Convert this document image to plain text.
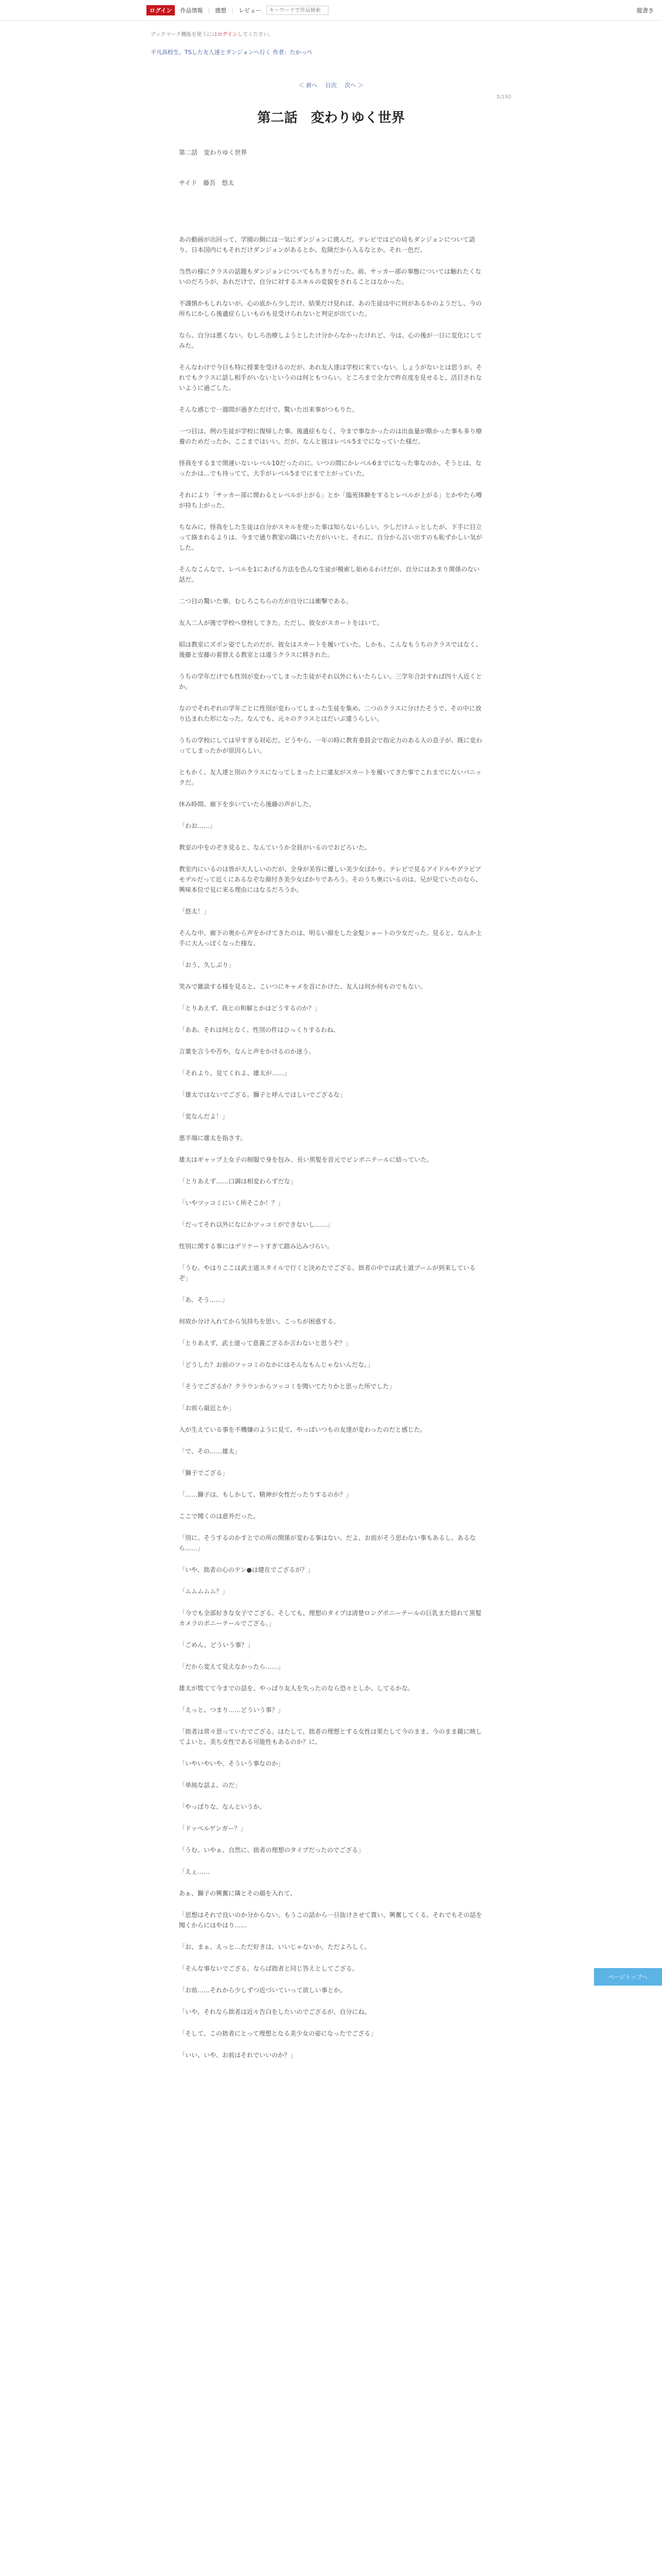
ログイン	作品情報 | 感想 | レビュー
キーワードで作品検索	縦書き
ブックマーク機能を使うにはログインしてください。
平凡高校生、TSした友人達とダンジョンへ行く 作者：たかっぺ
＜ 前へ 目次 次へ ＞
5/192
第二話　変わりゆく世界

第二話　変わりゆく世界

サイド　藤吾　悠太

あの動画が出回って、学園の側には一気にダンジョンに挑んだ。テレビではどの局もダンジョンについて語り、日本国内にもそれだけダンジョンがあるとか、危険だから入るなとか、それ一色だ。

当然の様にクラスの話題もダンジョンについてもちきりだった。前、サッカー部の事態については触れたくないのだろうが、あれだけで、自分に対するスキルの変貌をされることはなかった。

不謹慎かもしれないが、心の底から少しだけ、結果だけ見れば、あの生徒は中に何があるかのようだし、今の所ちにかしら後遺症らしいものも見受けられないと判定が出ていた。

なら、自分は悪くない。むしろ治療しようとしたけ分からなかったけれど、今は、心の後が一日に変化にしてみた。

そんなわけで今日も特に授業を受けるのだが、あれ友人達は学校に来ていない。しょうがないとは思うが、それでもクラスに話し相手がいないというのは何ともつらい。ところまで全力で昨在度を見せると、活目されないように過ごした。

そんな感じで一週間が過ぎただけで、驚いた出来事がつもりた。

一つ目は、例の生徒が学校に復帰した事。後遺症もなく、今まで事なかったのは出血量が酷かった事も多り療養のためだったか。ここまではいい。だが、なんと彼はレベル5までになっていた様だ。

怪我をするまで関連いないレベル10だったのに。いつの間にかレベル6までになった事なのか。そうとは、なったかは…でも待ってて、大手がレベル5までにまで上がっていた。

それにより「サッカー部に関わるとレベルが上がる」とか「臨死体験をするとレベルが上がる」とかやたら噂が持ち上がった。

ちなみに、怪我をした生徒は自分がスキルを使った事は知らないらしい。少しだけムッとしたが、下手に目立って絡まれるよりは、今まで通り教室の隅にいた方がいいと、それに、自分から言い出すのも恥ずかしい気がした。

そんなこんなで、レベルを1にあげる方法を色んな生徒が模索し始めるわけだが、自分にはあまり関係のない話だ。

二つ目の驚いた事。むしろこちらの方が自分には衝撃である。

友人二人が後で学校へ登校してきた。ただし、彼女がスカートをはいて。

昭は教室にズボン姿でしたのだが、彼女はスカートを履いていた。しかも、こんなもうちのクラスではなく、後藤と安藤の着替える教室とは違うクラスに移された。

うちの学年だけでも性別が変わってしまった生徒がそれ以外にもいたらしい。三学年合計すれば四十人近くとか。

なのでそれぞれの学年ごとに性別が変わってしまった生徒を集め、二つのクラスに分けたそうで、その中に放り込まれた形になった。なんでも、元々のクラスとはだいぶ違うらしい。

うちの学校にしては早すぎる対応だ。どうやら、一年の時に教育委員会で指定力のある人の息子が、既に変わってしまったかが原因らしい。

ともかく、友人達と別のクラスになってしまった上に違友がスカートを履いてきた事でこれまでにないパニックだ。

休み時間、廊下を歩いていたら後藤の声がした。

「わお……」

教室の中をのぞき見ると、なんていうか全員がいるのでおどろいた。

教室内にいるのは皆が大人しいのだが、全身が美容に優しい美少女ばかり。テレビで見るアイドルやグラビアモデルだって近くにあるなぞな顔付き美少女ばかりであろう。そのうち奥にいるのは、兄が見ていたのなら、興味本位で見に来る理由にはなるだろうか。

「悠太！」

そんな中、廊下の奥から声をかけてきたのは、明るい顔をした金髪ショートの少女だった。見ると、なんか上手に大人っぽくなった様な、

「おう、久しぶり」

笑みで雑談する様を見ると、こいつにキャメを首にかけた、友人は何か何ものでもない。

「とりあえず、我との和解とかはどうするのか？」

「ああ、それは何となく、性別の件はひっくりするわね、

言葉を言うや否や、なんと声をかけるのか迷う。

「それより、見てくれよ、雄太が……」

「雄太ではないでござる。獅子と呼んでほしいでござるな」

「変なんだよ！」

悪半端に雄太を指さす。

雄太はギャップ上女子の制服で身を包み、長い黒髪を首元でピンポニテールに結っていた。

「とりあえず……口調は相変わらずだな」

「いやツッコミにいく所そこか！？」

「だってそれ以外になにかツッコミができないし……」

性別に関する事にはデリケートすぎて踏み込みづらい。

「うむ。やはりここは武士道スタイルで行くと決めたでござる。拙者の中では武士道ブームが到来しているぞ」

「あ、そう……」

何故か分け入れてから気持ちを思い、こっちが困惑する。

「とりあえず、武士道って意義ござるか言わないと思うぞ？」

「どうした？お前のツッコミのなかにはそんなもんじゃないんだな。」

「そうでござるか？クラウンからツッコミを聞いてたりかと思った所でした」

「お前ら最近とか」

入が生えている事を不機嫌のように見て、やっぱいつもの友達が変わったのだと感じた。

「で、その……雄太」

「獅子でござる」

「……獅子は、もしかして、精神が女性だったりするのか？」

ここで聞くのは意外だった。

「別に、そうするのかすとでの所の関係が変わる事はない。だよ、お前がそう思わない事もあるし、あるなら……」

「いや、拙者の心のテン●は健在でござるが？」

「ムムムムム？」

「今でも全部好きな女子でござる。そしても、理想のタイプは清楚ロングポニーテールの巨乳また揺れて黒髪カメラのポニーテールでござる。」

「ごめん、どういう事？」

「だから変えて見えなかったら……」

雄太が慌てて今までの話を、やっぱり友人を失ったのなら恐々としか、してるかな。

「えっと、つまり……どういう事？」

「拙者は常々思っていたでござる。はたして、拙者の理想とする女性は果たして今のまま、今のまま鏡に映してよいと、美ち女性である可能性もあるのか？に、

「いやいやいや。そういう事なのか」

「単純な話よ、のだ」

「やっぱりな、なんというか、

「ドッペルゲンガー？」

「うむ。いやぁ、自然に、拙者の理想のタイプだったのでござる」

「えぇ……

あぁ、獅子の興奮に隣とその顔を入れて、

「思想はそれで良いのか分からない。もうこの話から一旦抜けさせて貰い、興奮してくる。それでもその話を聞くからにはやはり……

「お、まぁ、えっと…ただ好きは、いいじゃないか。ただよろしく。

「そんな事ないでござる。ならば拙者と同じ答えとしてござる。

「お前……それから少しずつ近づいていって欲しい事とか。

「いや、それなら拙者は近々告白をしたいのでござるが、自分にね、

「そして、この拙者にとって理想となる美少女の姿になったでござる」

「いい、いや、お前はそれでいいのか？」

ページトップへ
